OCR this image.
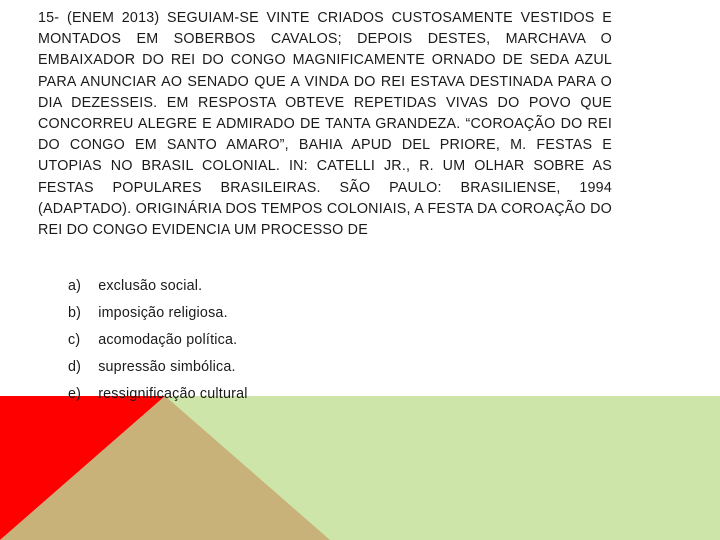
15- (ENEM 2013) SEGUIAM-SE VINTE CRIADOS CUSTOSAMENTE VESTIDOS E MONTADOS EM SOBERBOS CAVALOS; DEPOIS DESTES, MARCHAVA O EMBAIXADOR DO REI DO CONGO MAGNIFICAMENTE ORNADO DE SEDA AZUL PARA ANUNCIAR AO SENADO QUE A VINDA DO REI ESTAVA DESTINADA PARA O DIA DEZESSEIS. EM RESPOSTA OBTEVE REPETIDAS VIVAS DO POVO QUE CONCORREU ALEGRE E ADMIRADO DE TANTA GRANDEZA. “COROAÇÃO DO REI DO CONGO EM SANTO AMARO”, BAHIA APUD DEL PRIORE, M. FESTAS E UTOPIAS NO BRASIL COLONIAL. IN: CATELLI JR., R. UM OLHAR SOBRE AS FESTAS POPULARES BRASILEIRAS. SÃO PAULO: BRASILIENSE, 1994 (ADAPTADO). ORIGINÁRIA DOS TEMPOS COLONIAIS, A FESTA DA COROAÇÃO DO REI DO CONGO EVIDENCIA UM PROCESSO DE

a) exclusão social.
b) imposição religiosa.
c) acomodação política.
d) supressão simbólica.
e) ressignificação cultural
